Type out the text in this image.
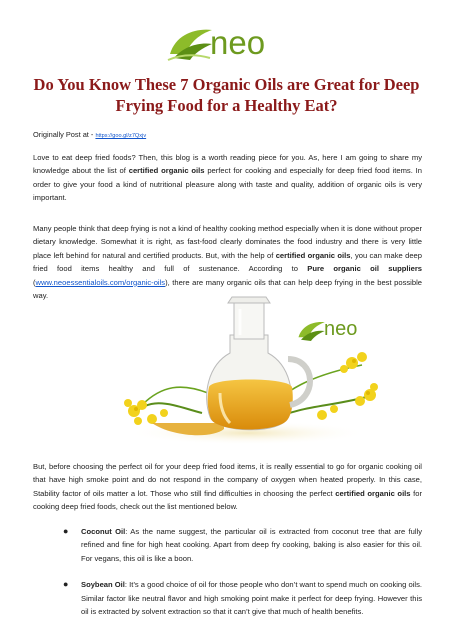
neo
Do You Know These 7 Organic Oils are Great for Deep Frying Food for a Healthy Eat?

Originally Post at - https://goo.gl/z7Qxjv

Love to eat deep fried foods? Then, this blog is a worth reading piece for you. As, here I am going to share my knowledge about the list of certified organic oils perfect for cooking and especially for deep fried food items. In order to give your food a kind of nutritional pleasure along with taste and quality, addition of organic oils is very important.

Many people think that deep frying is not a kind of healthy cooking method especially when it is done without proper dietary knowledge. Somewhat it is right, as fast-food clearly dominates the food industry and there is very little place left behind for natural and certified products. But, with the help of certified organic oils, you can make deep fried food items healthy and full of sustenance. According to Pure organic oil suppliers (www.neoessentialoils.com/organic-oils), there are many organic oils that can help deep frying in the best possible way.

neo

But, before choosing the perfect oil for your deep fried food items, it is really essential to go for organic cooking oil that have high smoke point and do not respond in the company of oxygen when heated properly. In this case, Stability factor of oils matter a lot. Those who still find difficulties in choosing the perfect certified organic oils for cooking deep fried foods, check out the list mentioned below.

● Coconut Oil: As the name suggest, the particular oil is extracted from coconut tree that are fully refined and fine for high heat cooking. Apart from deep fry cooking, baking is also easier for this oil. For vegans, this oil is like a boon.
● Soybean Oil: It’s a good choice of oil for those people who don’t want to spend much on cooking oils. Similar factor like neutral flavor and high smoking point make it perfect for deep frying. However this oil is extracted by solvent extraction so that it can’t give that much of health benefits.
